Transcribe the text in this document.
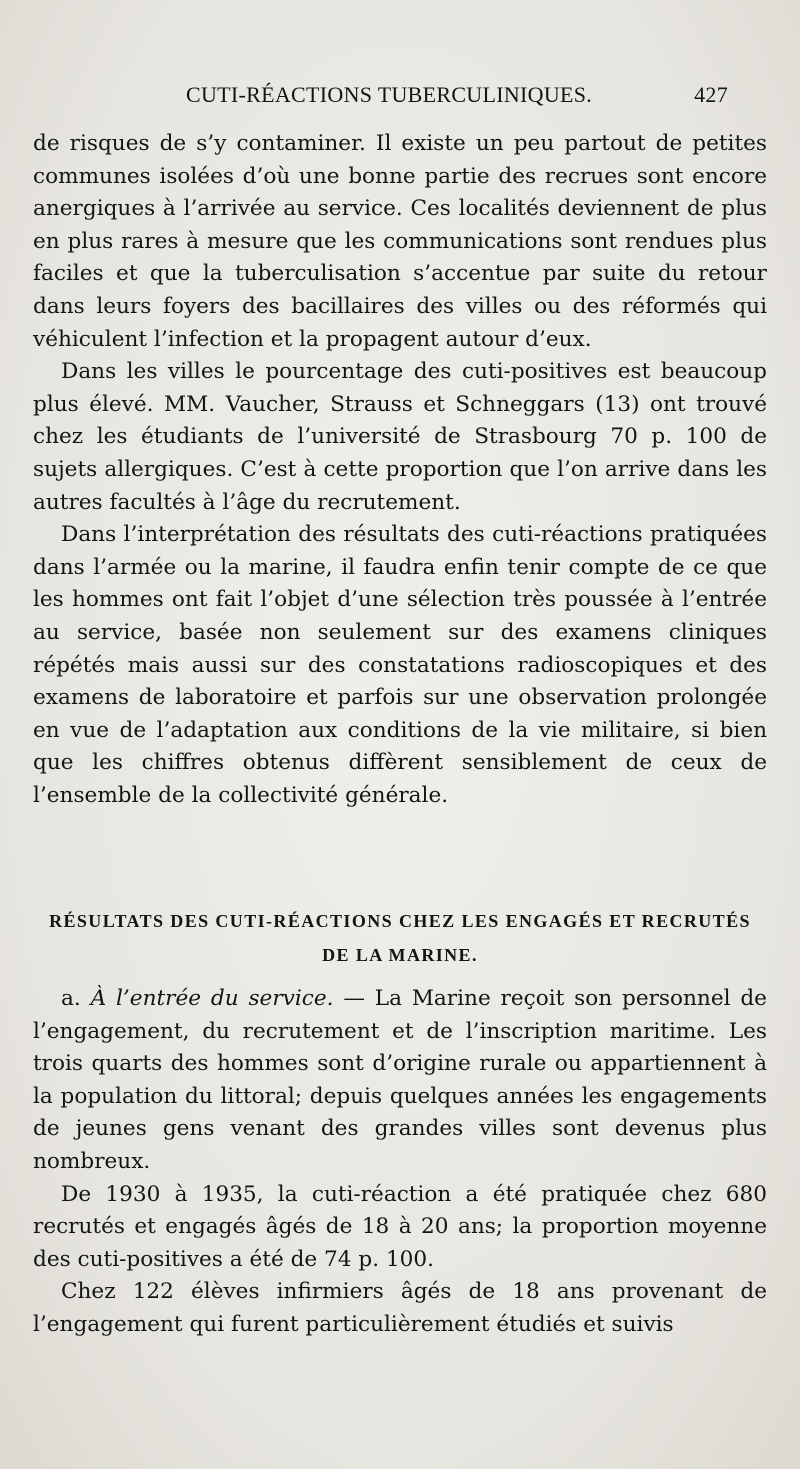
CUTI-RÉACTIONS TUBERCULINIQUES.	427

de risques de s’y contaminer. Il existe un peu partout de petites communes isolées d’où une bonne partie des recrues sont encore anergiques à l’arrivée au service. Ces localités deviennent de plus en plus rares à mesure que les communications sont rendues plus faciles et que la tuberculisation s’accentue par suite du retour dans leurs foyers des bacillaires des villes ou des réformés qui véhiculent l’infection et la propagent autour d’eux.

Dans les villes le pourcentage des cuti-positives est beaucoup plus élevé. MM. Vaucher, Strauss et Schneggars (13) ont trouvé chez les étudiants de l’université de Strasbourg 70 p. 100 de sujets allergiques. C’est à cette proportion que l’on arrive dans les autres facultés à l’âge du recrutement.

Dans l’interprétation des résultats des cuti-réactions pratiquées dans l’armée ou la marine, il faudra enfin tenir compte de ce que les hommes ont fait l’objet d’une sélection très poussée à l’entrée au service, basée non seulement sur des examens cliniques répétés mais aussi sur des constatations radioscopiques et des examens de laboratoire et parfois sur une observation prolongée en vue de l’adaptation aux conditions de la vie militaire, si bien que les chiffres obtenus diffèrent sensiblement de ceux de l’ensemble de la collectivité générale.

RÉSULTATS DES CUTI-RÉACTIONS CHEZ LES ENGAGÉS ET RECRUTÉS
DE LA MARINE.

a. À l’entrée du service. — La Marine reçoit son personnel de l’engagement, du recrutement et de l’inscription maritime. Les trois quarts des hommes sont d’origine rurale ou appartiennent à la population du littoral; depuis quelques années les engagements de jeunes gens venant des grandes villes sont devenus plus nombreux.

De 1930 à 1935, la cuti-réaction a été pratiquée chez 680 recrutés et engagés âgés de 18 à 20 ans; la proportion moyenne des cuti-positives a été de 74 p. 100.

Chez 122 élèves infirmiers âgés de 18 ans provenant de l’engagement qui furent particulièrement étudiés et suivis
